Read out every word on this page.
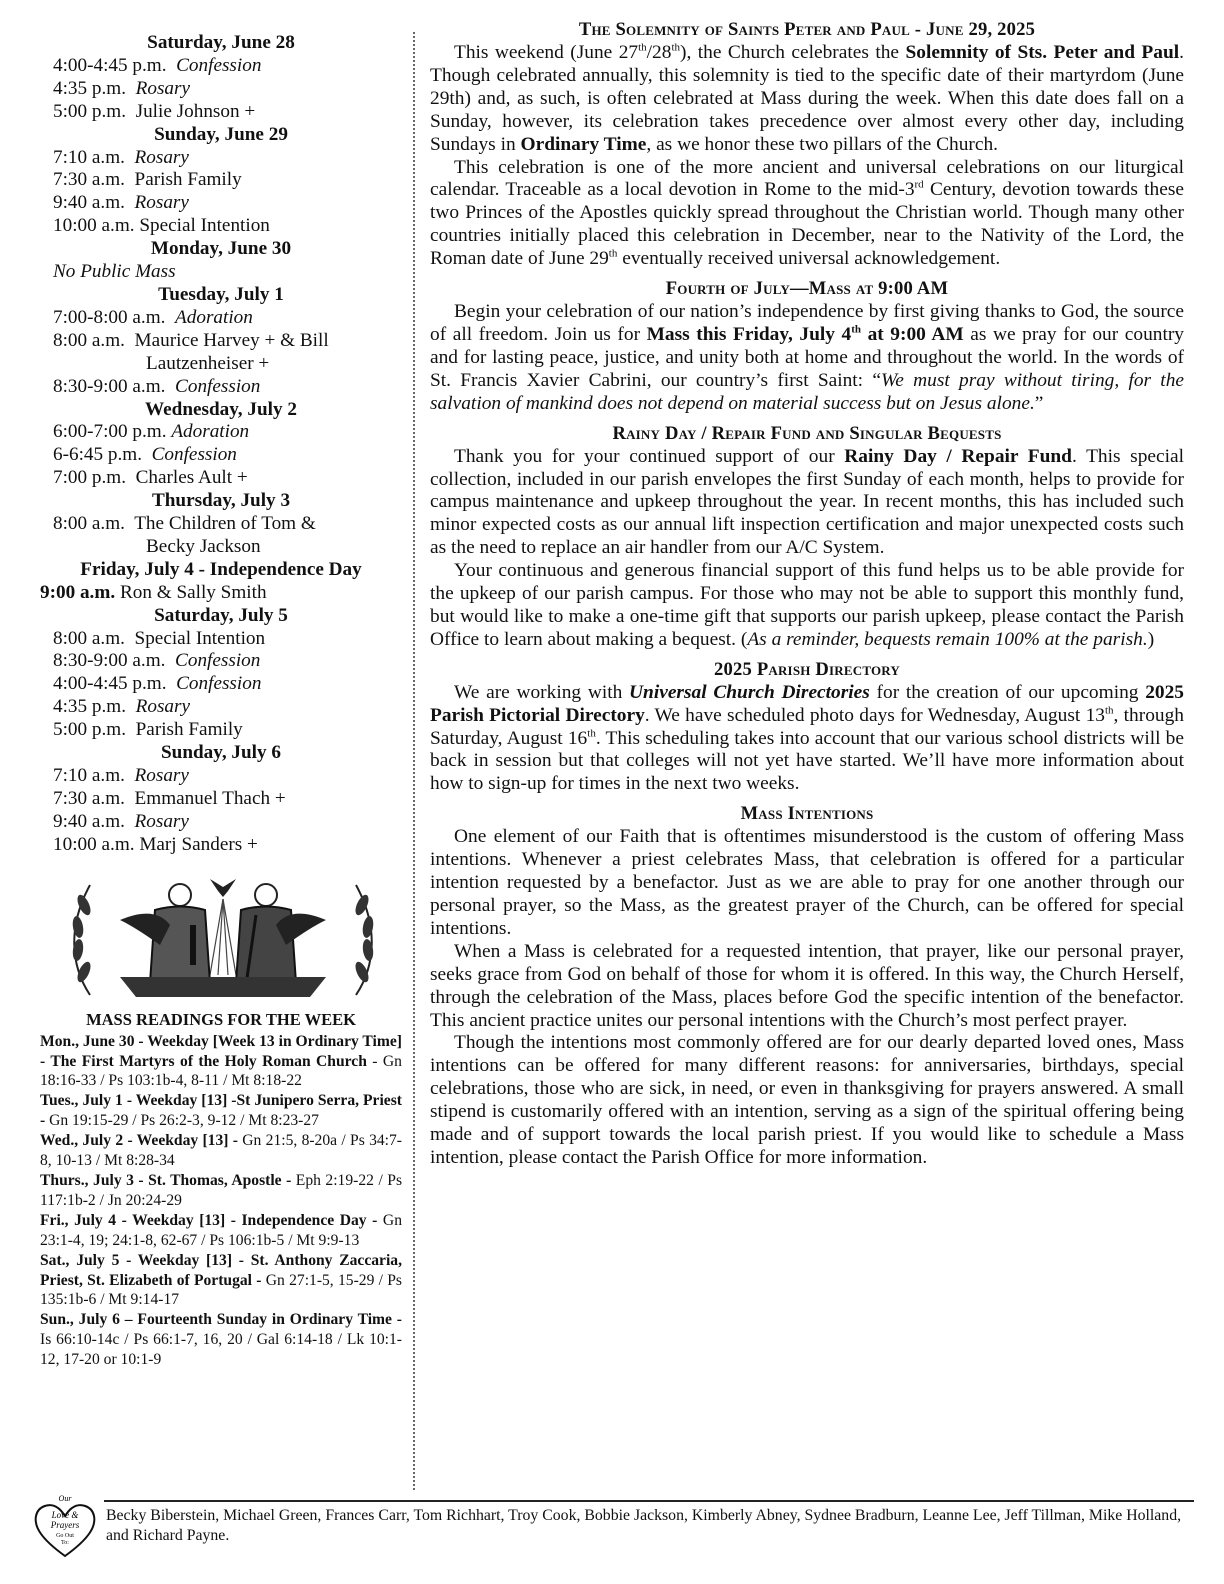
Saturday, June 28
4:00-4:45 p.m. Confession
4:35 p.m. Rosary
5:00 p.m. Julie Johnson +
Sunday, June 29
7:10 a.m. Rosary
7:30 a.m. Parish Family
9:40 a.m. Rosary
10:00 a.m. Special Intention
Monday, June 30
No Public Mass
Tuesday, July 1
7:00-8:00 a.m. Adoration
8:00 a.m. Maurice Harvey + & Bill
Lautzenheiser +
8:30-9:00 a.m. Confession
Wednesday, July 2
6:00-7:00 p.m. Adoration
6-6:45 p.m. Confession
7:00 p.m. Charles Ault +
Thursday, July 3
8:00 a.m. The Children of Tom &
Becky Jackson
Friday, July 4 - Independence Day
9:00 a.m. Ron & Sally Smith
Saturday, July 5
8:00 a.m. Special Intention
8:30-9:00 a.m. Confession
4:00-4:45 p.m. Confession
4:35 p.m. Rosary
5:00 p.m. Parish Family
Sunday, July 6
7:10 a.m. Rosary
7:30 a.m. Emmanuel Thach +
9:40 a.m. Rosary
10:00 a.m. Marj Sanders +
MASS READINGS FOR THE WEEK
Mon., June 30 - Weekday [Week 13 in Ordinary Time] - The First Martyrs of the Holy Roman Church - Gn 18:16-33 / Ps 103:1b-4, 8-11 / Mt 8:18-22
Tues., July 1 - Weekday [13] -St Junipero Serra, Priest - Gn 19:15-29 / Ps 26:2-3, 9-12 / Mt 8:23-27
Wed., July 2 - Weekday [13] - Gn 21:5, 8-20a / Ps 34:7-8, 10-13 / Mt 8:28-34
Thurs., July 3 - St. Thomas, Apostle - Eph 2:19-22 / Ps 117:1b-2 / Jn 20:24-29
Fri., July 4 - Weekday [13] - Independence Day - Gn 23:1-4, 19; 24:1-8, 62-67 / Ps 106:1b-5 / Mt 9:9-13
Sat., July 5 - Weekday [13] - St. Anthony Zaccaria, Priest, St. Elizabeth of Portugal - Gn 27:1-5, 15-29 / Ps 135:1b-6 / Mt 9:14-17
Sun., July 6 – Fourteenth Sunday in Ordinary Time - Is 66:10-14c / Ps 66:1-7, 16, 20 / Gal 6:14-18 / Lk 10:1-12, 17-20 or 10:1-9
The Solemnity of Saints Peter and Paul - June 29, 2025

This weekend (June 27th/28th), the Church celebrates the Solemnity of Sts. Peter and Paul. Though celebrated annually, this solemnity is tied to the specific date of their martyrdom (June 29th) and, as such, is often celebrated at Mass during the week. When this date does fall on a Sunday, however, its celebration takes precedence over almost every other day, including Sundays in Ordinary Time, as we honor these two pillars of the Church.

This celebration is one of the more ancient and universal celebrations on our liturgical calendar. Traceable as a local devotion in Rome to the mid-3rd Century, devotion towards these two Princes of the Apostles quickly spread throughout the Christian world. Though many other countries initially placed this celebration in December, near to the Nativity of the Lord, the Roman date of June 29th eventually received universal acknowledgement.

Fourth of July—Mass at 9:00 AM

Begin your celebration of our nation’s independence by first giving thanks to God, the source of all freedom. Join us for Mass this Friday, July 4th at 9:00 AM as we pray for our country and for lasting peace, justice, and unity both at home and throughout the world. In the words of St. Francis Xavier Cabrini, our country’s first Saint: “We must pray without tiring, for the salvation of mankind does not depend on material success but on Jesus alone.”

Rainy Day / Repair Fund and Singular Bequests

Thank you for your continued support of our Rainy Day / Repair Fund. This special collection, included in our parish envelopes the first Sunday of each month, helps to provide for campus maintenance and upkeep throughout the year. In recent months, this has included such minor expected costs as our annual lift inspection certification and major unexpected costs such as the need to replace an air handler from our A/C System.

Your continuous and generous financial support of this fund helps us to be able provide for the upkeep of our parish campus. For those who may not be able to support this monthly fund, but would like to make a one-time gift that supports our parish upkeep, please contact the Parish Office to learn about making a bequest. (As a reminder, bequests remain 100% at the parish.)

2025 Parish Directory

We are working with Universal Church Directories for the creation of our upcoming 2025 Parish Pictorial Directory. We have scheduled photo days for Wednesday, August 13th, through Saturday, August 16th. This scheduling takes into account that our various school districts will be back in session but that colleges will not yet have started. We’ll have more information about how to sign-up for times in the next two weeks.

Mass Intentions

One element of our Faith that is oftentimes misunderstood is the custom of offering Mass intentions. Whenever a priest celebrates Mass, that celebration is offered for a particular intention requested by a benefactor. Just as we are able to pray for one another through our personal prayer, so the Mass, as the greatest prayer of the Church, can be offered for special intentions.

When a Mass is celebrated for a requested intention, that prayer, like our personal prayer, seeks grace from God on behalf of those for whom it is offered. In this way, the Church Herself, through the celebration of the Mass, places before God the specific intention of the benefactor. This ancient practice unites our personal intentions with the Church’s most perfect prayer.

Though the intentions most commonly offered are for our dearly departed loved ones, Mass intentions can be offered for many different reasons: for anniversaries, birthdays, special celebrations, those who are sick, in need, or even in thanksgiving for prayers answered. A small stipend is customarily offered with an intention, serving as a sign of the spiritual offering being made and of support towards the local parish priest. If you would like to schedule a Mass intention, please contact the Parish Office for more information.

Our
Love &
Prayers
Go Out
To:
Becky Biberstein, Michael Green, Frances Carr, Tom Richhart, Troy Cook, Bobbie Jackson, Kimberly Abney, Sydnee Bradburn, Leanne Lee, Jeff Tillman, Mike Holland, and Richard Payne.
